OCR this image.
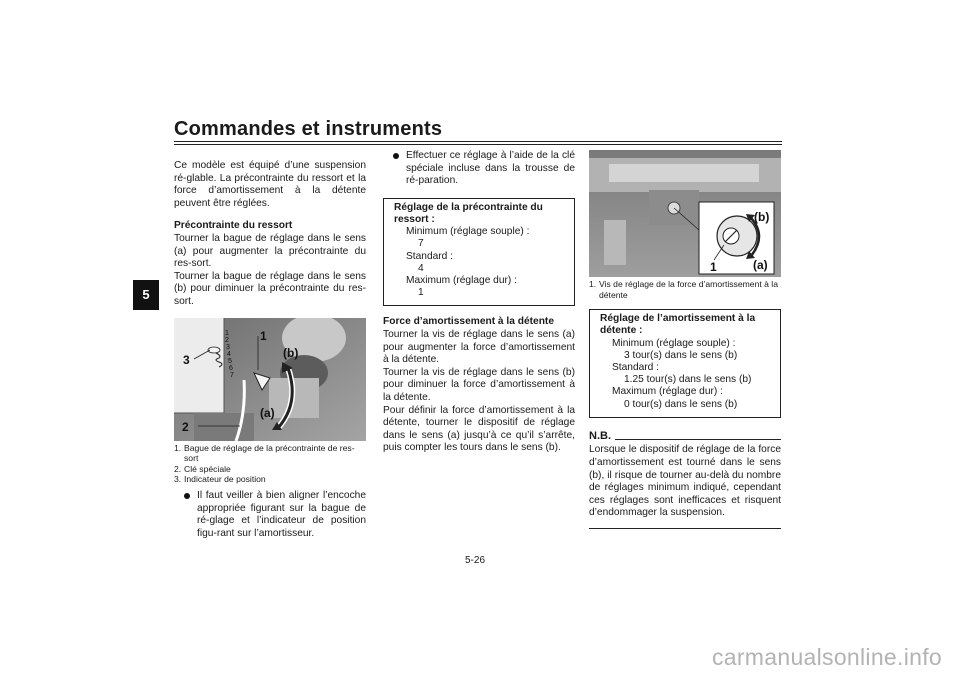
Commandes et instruments
5

Ce modèle est équipé d’une suspension ré-glable. La précontrainte du ressort et la force d’amortissement à la détente peuvent être réglées.

Précontrainte du ressort

Tourner la bague de réglage dans le sens (a) pour augmenter la précontrainte du res-sort.

Tourner la bague de réglage dans le sens (b) pour diminuer la précontrainte du res-sort.

1
2
3
(a)
(b)
1
2
3
4
5
6
7
1. Bague de réglage de la précontrainte de res-sort
2. Clé spéciale
3. Indicateur de position
Il faut veiller à bien aligner l’encoche appropriée figurant sur la bague de ré-glage et l’indicateur de position figu-rant sur l’amortisseur.
Effectuer ce réglage à l’aide de la clé spéciale incluse dans la trousse de ré-paration.
Réglage de la précontrainte du ressort :
Minimum (réglage souple) :
7
Standard :
4
Maximum (réglage dur) :
1

Force d’amortissement à la détente

Tourner la vis de réglage dans le sens (a) pour augmenter la force d’amortissement à la détente.

Tourner la vis de réglage dans le sens (b) pour diminuer la force d’amortissement à la détente.

Pour définir la force d’amortissement à la détente, tourner le dispositif de réglage dans le sens (a) jusqu’à ce qu’il s’arrête, puis compter les tours dans le sens (b).

(b)
(a)
1
1. Vis de réglage de la force d’amortissement à la détente
Réglage de l’amortissement à la détente :
Minimum (réglage souple) :
3 tour(s) dans le sens (b)
Standard :
1.25 tour(s) dans le sens (b)
Maximum (réglage dur) :
0 tour(s) dans le sens (b)
N.B.

Lorsque le dispositif de réglage de la force d’amortissement est tourné dans le sens (b), il risque de tourner au-delà du nombre de réglages minimum indiqué, cependant ces réglages sont inefficaces et risquent d’endommager la suspension.

5-26
carmanualsonline.info
